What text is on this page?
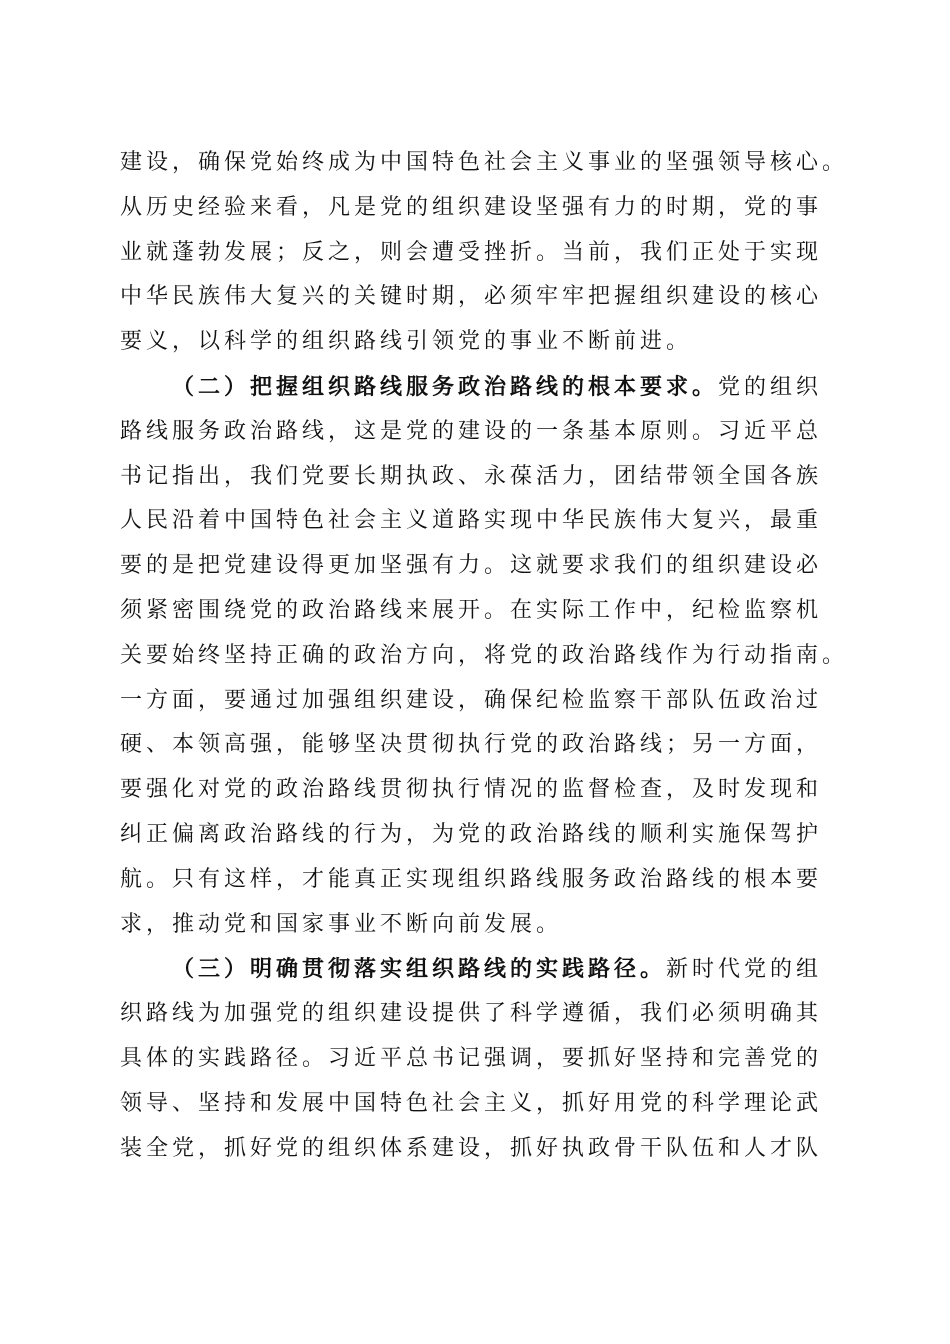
建设，确保党始终成为中国特色社会主义事业的坚强领导核心。
从历史经验来看，凡是党的组织建设坚强有力的时期，党的事
业就蓬勃发展；反之，则会遭受挫折。当前，我们正处于实现
中华民族伟大复兴的关键时期，必须牢牢把握组织建设的核心
要义，以科学的组织路线引领党的事业不断前进。
（二）把握组织路线服务政治路线的根本要求。党的组织
路线服务政治路线，这是党的建设的一条基本原则。习近平总
书记指出，我们党要长期执政、永葆活力，团结带领全国各族
人民沿着中国特色社会主义道路实现中华民族伟大复兴，最重
要的是把党建设得更加坚强有力。这就要求我们的组织建设必
须紧密围绕党的政治路线来展开。在实际工作中，纪检监察机
关要始终坚持正确的政治方向，将党的政治路线作为行动指南。
一方面，要通过加强组织建设，确保纪检监察干部队伍政治过
硬、本领高强，能够坚决贯彻执行党的政治路线；另一方面，
要强化对党的政治路线贯彻执行情况的监督检查，及时发现和
纠正偏离政治路线的行为，为党的政治路线的顺利实施保驾护
航。只有这样，才能真正实现组织路线服务政治路线的根本要
求，推动党和国家事业不断向前发展。
（三）明确贯彻落实组织路线的实践路径。新时代党的组
织路线为加强党的组织建设提供了科学遵循，我们必须明确其
具体的实践路径。习近平总书记强调，要抓好坚持和完善党的
领导、坚持和发展中国特色社会主义，抓好用党的科学理论武
装全党，抓好党的组织体系建设，抓好执政骨干队伍和人才队
